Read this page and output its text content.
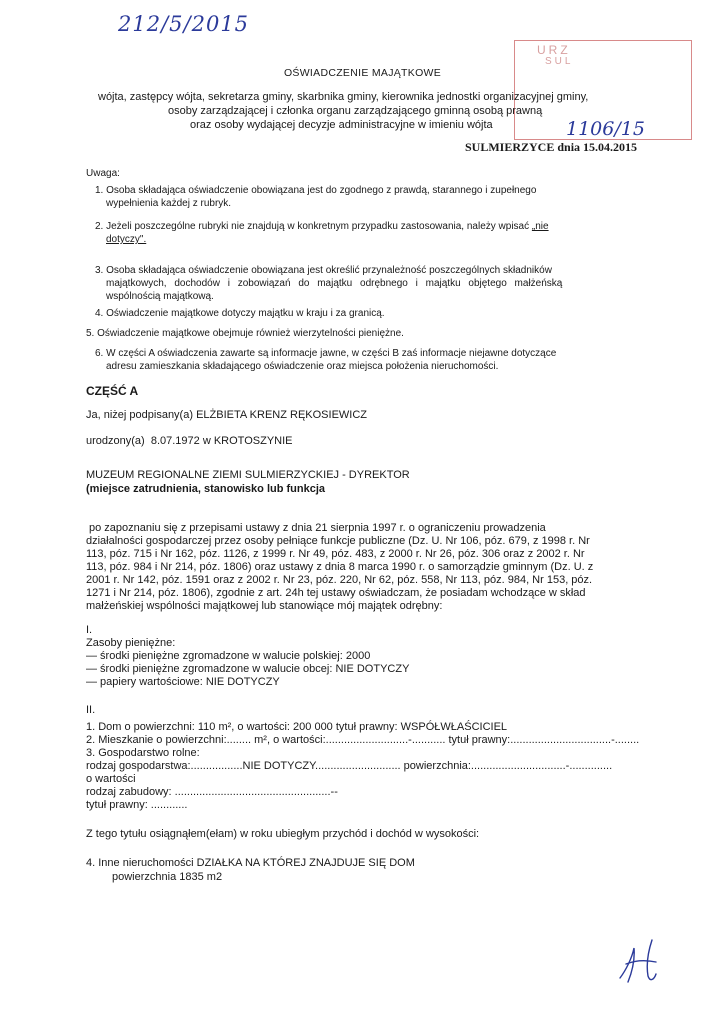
212/5/2015
URZ
SUL
1106/15
OŚWIADCZENIE MAJĄTKOWE
wójta, zastępcy wójta, sekretarza gminy, skarbnika gminy, kierownika jednostki organizacyjnej gminy,
osoby zarządzającej i członka organu zarządzającego gminną osobą prawną
oraz osoby wydającej decyzje administracyjne w imieniu wójta
SULMIERZYCE dnia 15.04.2015
Uwaga:
1. Osoba składająca oświadczenie obowiązana jest do zgodnego z prawdą, starannego i zupełnego
wypełnienia każdej z rubryk.
2. Jeżeli poszczególne rubryki nie znajdują w konkretnym przypadku zastosowania, należy wpisać „nie
dotyczy".
3. Osoba składająca oświadczenie obowiązana jest określić przynależność poszczególnych składników
majątkowych, dochodów i zobowiązań do majątku odrębnego i majątku objętego małżeńską
wspólnością majątkową.
4. Oświadczenie majątkowe dotyczy majątku w kraju i za granicą.
5. Oświadczenie majątkowe obejmuje również wierzytelności pieniężne.
6. W części A oświadczenia zawarte są informacje jawne, w części B zaś informacje niejawne dotyczące
adresu zamieszkania składającego oświadczenie oraz miejsca położenia nieruchomości.
CZĘŚĆ A
Ja, niżej podpisany(a) ELŻBIETA KRENZ RĘKOSIEWICZ
urodzony(a) 8.07.1972 w KROTOSZYNIE
MUZEUM REGIONALNE ZIEMI SULMIERZYCKIEJ - DYREKTOR
(miejsce zatrudnienia, stanowisko lub funkcja
po zapoznaniu się z przepisami ustawy z dnia 21 sierpnia 1997 r. o ograniczeniu prowadzenia
działalności gospodarczej przez osoby pełniące funkcje publiczne (Dz. U. Nr 106, póz. 679, z 1998 r. Nr
113, póz. 715 i Nr 162, póz. 1126, z 1999 r. Nr 49, póz. 483, z 2000 r. Nr 26, póz. 306 oraz z 2002 r. Nr
113, póz. 984 i Nr 214, póz. 1806) oraz ustawy z dnia 8 marca 1990 r. o samorządzie gminnym (Dz. U. z
2001 r. Nr 142, póz. 1591 oraz z 2002 r. Nr 23, póz. 220, Nr 62, póz. 558, Nr 113, póz. 984, Nr 153, póz.
1271 i Nr 214, póz. 1806), zgodnie z art. 24h tej ustawy oświadczam, że posiadam wchodzące w skład
małżeńskiej wspólności majątkowej lub stanowiące mój majątek odrębny:
I.
Zasoby pieniężne:
— środki pieniężne zgromadzone w walucie polskiej: 2000
— środki pieniężne zgromadzone w walucie obcej: NIE DOTYCZY
— papiery wartościowe: NIE DOTYCZY
II.
1. Dom o powierzchni: 110 m², o wartości: 200 000 tytuł prawny: WSPÓŁWŁAŚCICIEL
2. Mieszkanie o powierzchni:........ m², o wartości:...........................-........... tytuł prawny:.................................-........
3. Gospodarstwo rolne:
rodzaj gospodarstwa:.................NIE DOTYCZY............................ powierzchnia:...............................-..............
o wartości
rodzaj zabudowy: ...................................................--
tytuł prawny: ............
Z tego tytułu osiągnąłem(ełam) w roku ubiegłym przychód i dochód w wysokości:
4. Inne nieruchomości DZIAŁKA NA KTÓREJ ZNAJDUJE SIĘ DOM
powierzchnia 1835 m2
